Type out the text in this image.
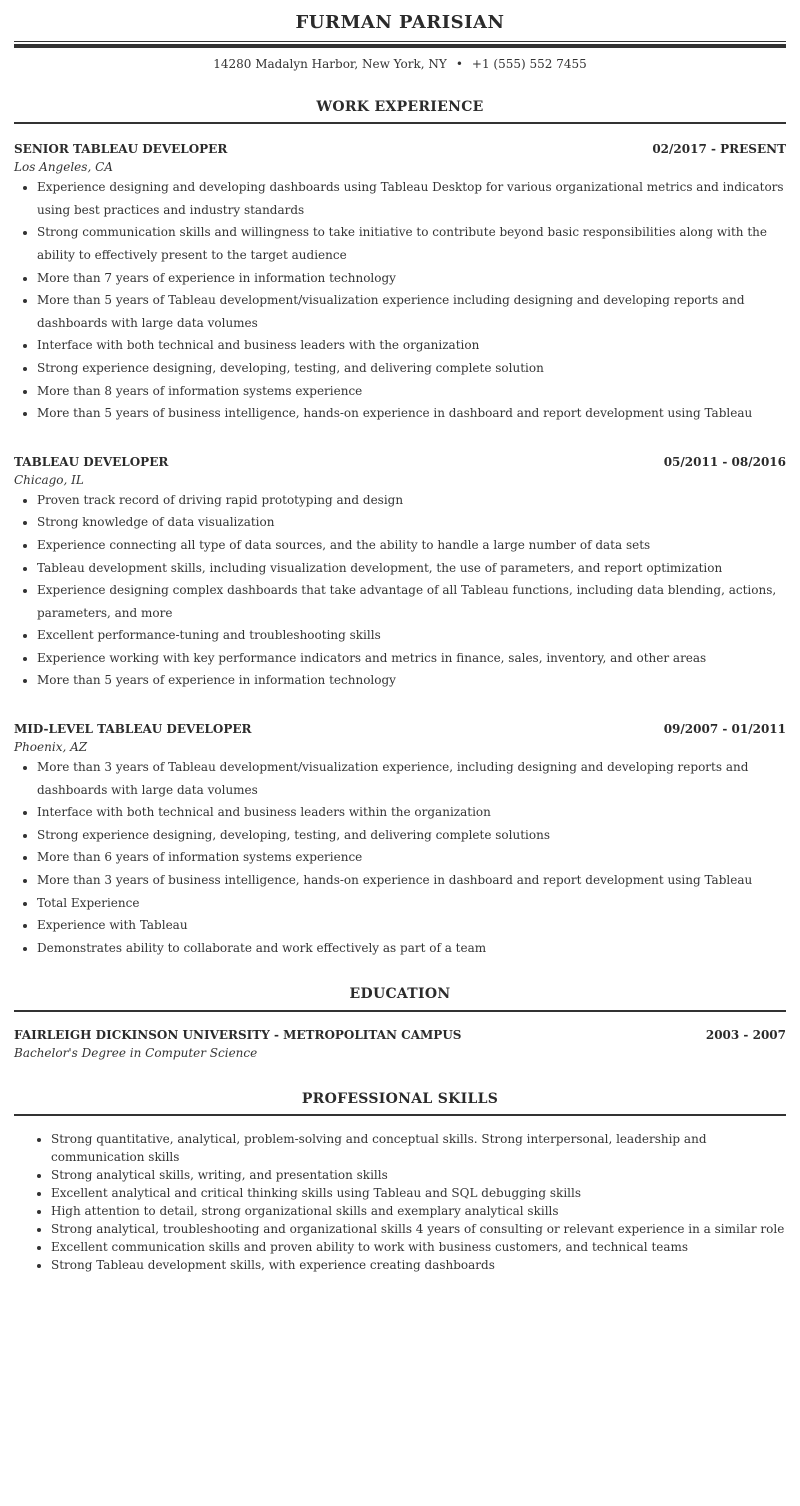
FURMAN PARISIAN
14280 Madalyn Harbor, New York, NY • +1 (555) 552 7455
WORK EXPERIENCE
SENIOR TABLEAU DEVELOPER	02/2017 - PRESENT
Los Angeles, CA
• Experience designing and developing dashboards using Tableau Desktop for various organizational metrics and indicators using best practices and industry standards
• Strong communication skills and willingness to take initiative to contribute beyond basic responsibilities along with the ability to effectively present to the target audience
• More than 7 years of experience in information technology
• More than 5 years of Tableau development/visualization experience including designing and developing reports and dashboards with large data volumes
• Interface with both technical and business leaders with the organization
• Strong experience designing, developing, testing, and delivering complete solution
• More than 8 years of information systems experience
• More than 5 years of business intelligence, hands-on experience in dashboard and report development using Tableau
TABLEAU DEVELOPER	05/2011 - 08/2016
Chicago, IL
• Proven track record of driving rapid prototyping and design
• Strong knowledge of data visualization
• Experience connecting all type of data sources, and the ability to handle a large number of data sets
• Tableau development skills, including visualization development, the use of parameters, and report optimization
• Experience designing complex dashboards that take advantage of all Tableau functions, including data blending, actions, parameters, and more
• Excellent performance-tuning and troubleshooting skills
• Experience working with key performance indicators and metrics in finance, sales, inventory, and other areas
• More than 5 years of experience in information technology
MID-LEVEL TABLEAU DEVELOPER	09/2007 - 01/2011
Phoenix, AZ
• More than 3 years of Tableau development/visualization experience, including designing and developing reports and dashboards with large data volumes
• Interface with both technical and business leaders within the organization
• Strong experience designing, developing, testing, and delivering complete solutions
• More than 6 years of information systems experience
• More than 3 years of business intelligence, hands-on experience in dashboard and report development using Tableau
• Total Experience
• Experience with Tableau
• Demonstrates ability to collaborate and work effectively as part of a team
EDUCATION
FAIRLEIGH DICKINSON UNIVERSITY - METROPOLITAN CAMPUS	2003 - 2007
Bachelor's Degree in Computer Science
PROFESSIONAL SKILLS
• Strong quantitative, analytical, problem-solving and conceptual skills. Strong interpersonal, leadership and communication skills
• Strong analytical skills, writing, and presentation skills
• Excellent analytical and critical thinking skills using Tableau and SQL debugging skills
• High attention to detail, strong organizational skills and exemplary analytical skills
• Strong analytical, troubleshooting and organizational skills 4 years of consulting or relevant experience in a similar role
• Excellent communication skills and proven ability to work with business customers, and technical teams
• Strong Tableau development skills, with experience creating dashboards
